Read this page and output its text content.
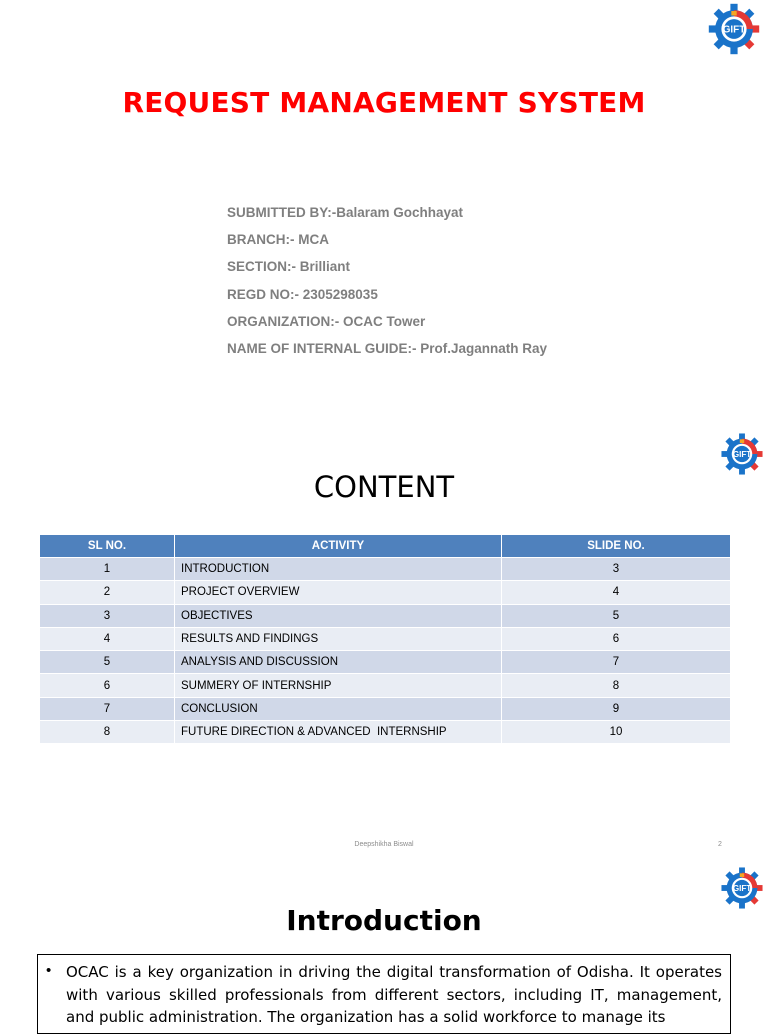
GIFT
REQUEST MANAGEMENT SYSTEM
SUBMITTED BY:-Balaram Gochhayat
BRANCH:- MCA
SECTION:- Brilliant
REGD NO:- 2305298035
ORGANIZATION:- OCAC Tower
NAME OF INTERNAL GUIDE:- Prof.Jagannath Ray
GIFT
CONTENT
SL NO.	ACTIVITY	SLIDE NO.
1	INTRODUCTION	3
2	PROJECT OVERVIEW	4
3	OBJECTIVES	5
4	RESULTS AND FINDINGS	6
5	ANALYSIS AND DISCUSSION	7
6	SUMMERY OF INTERNSHIP	8
7	CONCLUSION	9
8	FUTURE DIRECTION & ADVANCED  INTERNSHIP	10
Deepshikha Biswal	2
GIFT
Introduction
• OCAC is a key organization in driving the digital transformation of Odisha. It operates with various skilled professionals from different sectors, including IT, management, and public administration. The organization has a solid workforce to manage its
